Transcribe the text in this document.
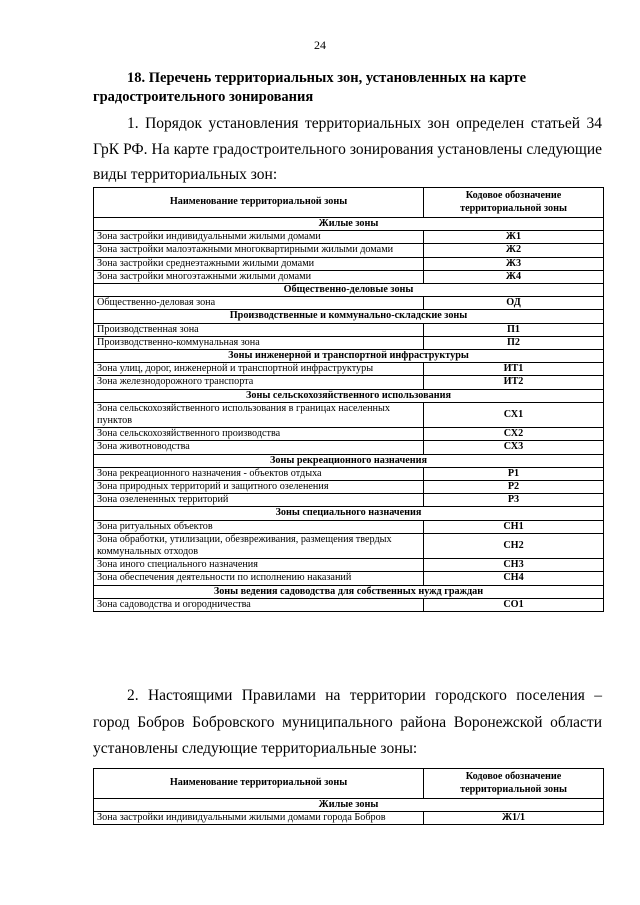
24
18. Перечень территориальных зон, установленных на карте
градостроительного зонирования
1. Порядок установления территориальных зон определен статьей 34 ГрК РФ. На карте градостроительного зонирования установлены следующие виды территориальных зон:
Наименование территориальной зоны	Кодовое обозначение территориальной зоны
Жилые зоны	
Зона застройки индивидуальными жилыми домами	Ж1
Зона застройки малоэтажными многоквартирными жилыми домами	Ж2
Зона застройки среднеэтажными жилыми домами	Ж3
Зона застройки многоэтажными жилыми домами	Ж4
Общественно-деловые зоны	
Общественно-деловая зона	ОД
Производственные и коммунально-складские зоны	
Производственная зона	П1
Производственно-коммунальная зона	П2
Зоны инженерной и транспортной инфраструктуры	
Зона улиц, дорог, инженерной и транспортной инфраструктуры	ИТ1
Зона железнодорожного транспорта	ИТ2
Зоны сельскохозяйственного использования	
Зона сельскохозяйственного использования в границах населенных пунктов	СХ1
Зона сельскохозяйственного производства	СХ2
Зона животноводства	СХ3
Зоны рекреационного назначения	
Зона рекреационного назначения - объектов отдыха	Р1
Зона природных территорий и защитного озеленения	Р2
Зона озелененных территорий	Р3
Зоны специального назначения	
Зона ритуальных объектов	СН1
Зона обработки, утилизации, обезвреживания, размещения твердых коммунальных отходов	СН2
Зона иного специального назначения	СН3
Зона обеспечения деятельности по исполнению наказаний	СН4
Зоны ведения садоводства для собственных нужд граждан	
Зона садоводства и огородничества	СО1
2. Настоящими Правилами на территории городского поселения – город Бобров Бобровского муниципального района Воронежской области установлены следующие территориальные зоны:
Наименование территориальной зоны	Кодовое обозначение территориальной зоны
Жилые зоны	
Зона застройки индивидуальными жилыми домами города Бобров	Ж1/1
